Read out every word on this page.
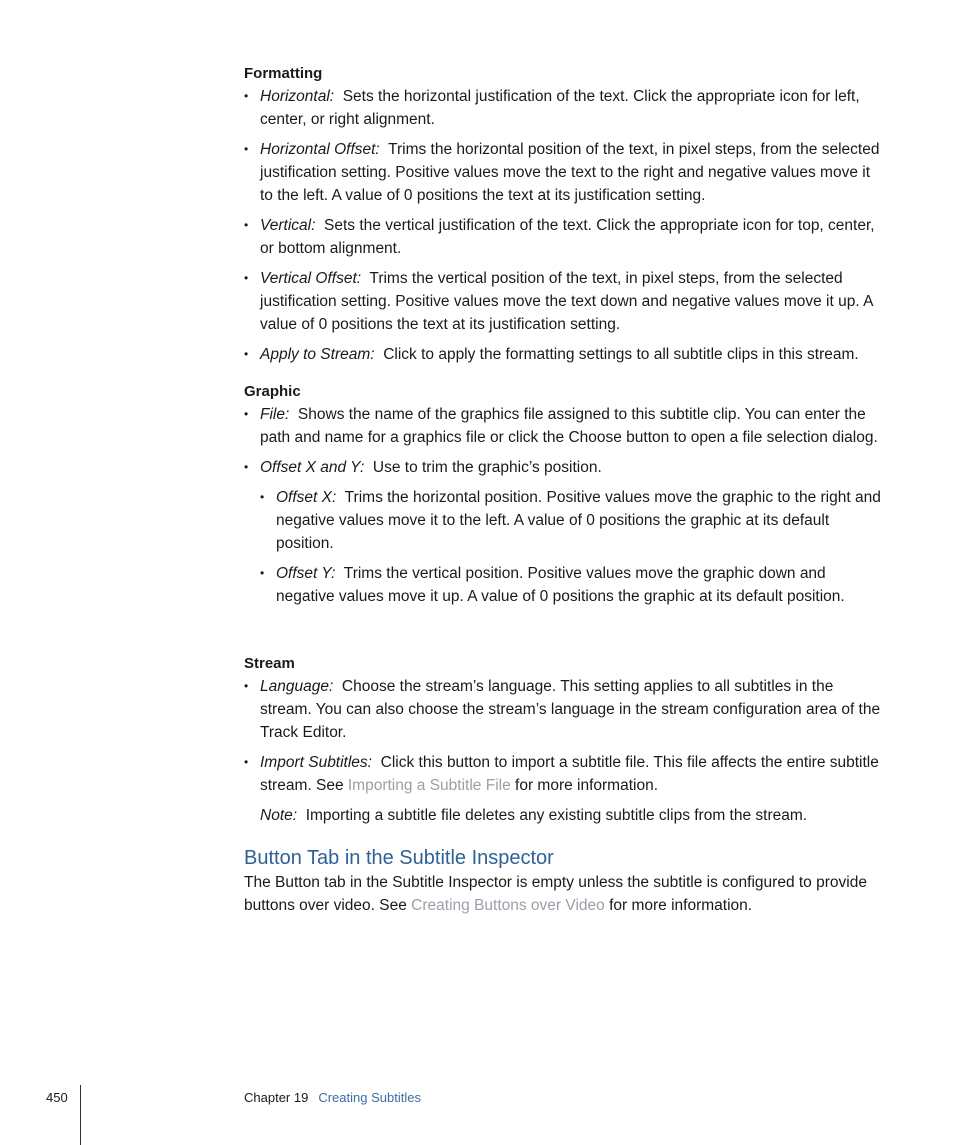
Formatting

• Horizontal: Sets the horizontal justification of the text. Click the appropriate icon for left, center, or right alignment.

• Horizontal Offset: Trims the horizontal position of the text, in pixel steps, from the selected justification setting. Positive values move the text to the right and negative values move it to the left. A value of 0 positions the text at its justification setting.

• Vertical: Sets the vertical justification of the text. Click the appropriate icon for top, center, or bottom alignment.

• Vertical Offset: Trims the vertical position of the text, in pixel steps, from the selected justification setting. Positive values move the text down and negative values move it up. A value of 0 positions the text at its justification setting.

• Apply to Stream: Click to apply the formatting settings to all subtitle clips in this stream.

Graphic

• File: Shows the name of the graphics file assigned to this subtitle clip. You can enter the path and name for a graphics file or click the Choose button to open a file selection dialog.

• Offset X and Y: Use to trim the graphic’s position.

• Offset X: Trims the horizontal position. Positive values move the graphic to the right and negative values move it to the left. A value of 0 positions the graphic at its default position.

• Offset Y: Trims the vertical position. Positive values move the graphic down and negative values move it up. A value of 0 positions the graphic at its default position.

Stream

• Language: Choose the stream’s language. This setting applies to all subtitles in the stream. You can also choose the stream’s language in the stream configuration area of the Track Editor.

• Import Subtitles: Click this button to import a subtitle file. This file affects the entire subtitle stream. See Importing a Subtitle File for more information.

Note: Importing a subtitle file deletes any existing subtitle clips from the stream.

Button Tab in the Subtitle Inspector

The Button tab in the Subtitle Inspector is empty unless the subtitle is configured to provide buttons over video. See Creating Buttons over Video for more information.

450	Chapter 19 Creating Subtitles
